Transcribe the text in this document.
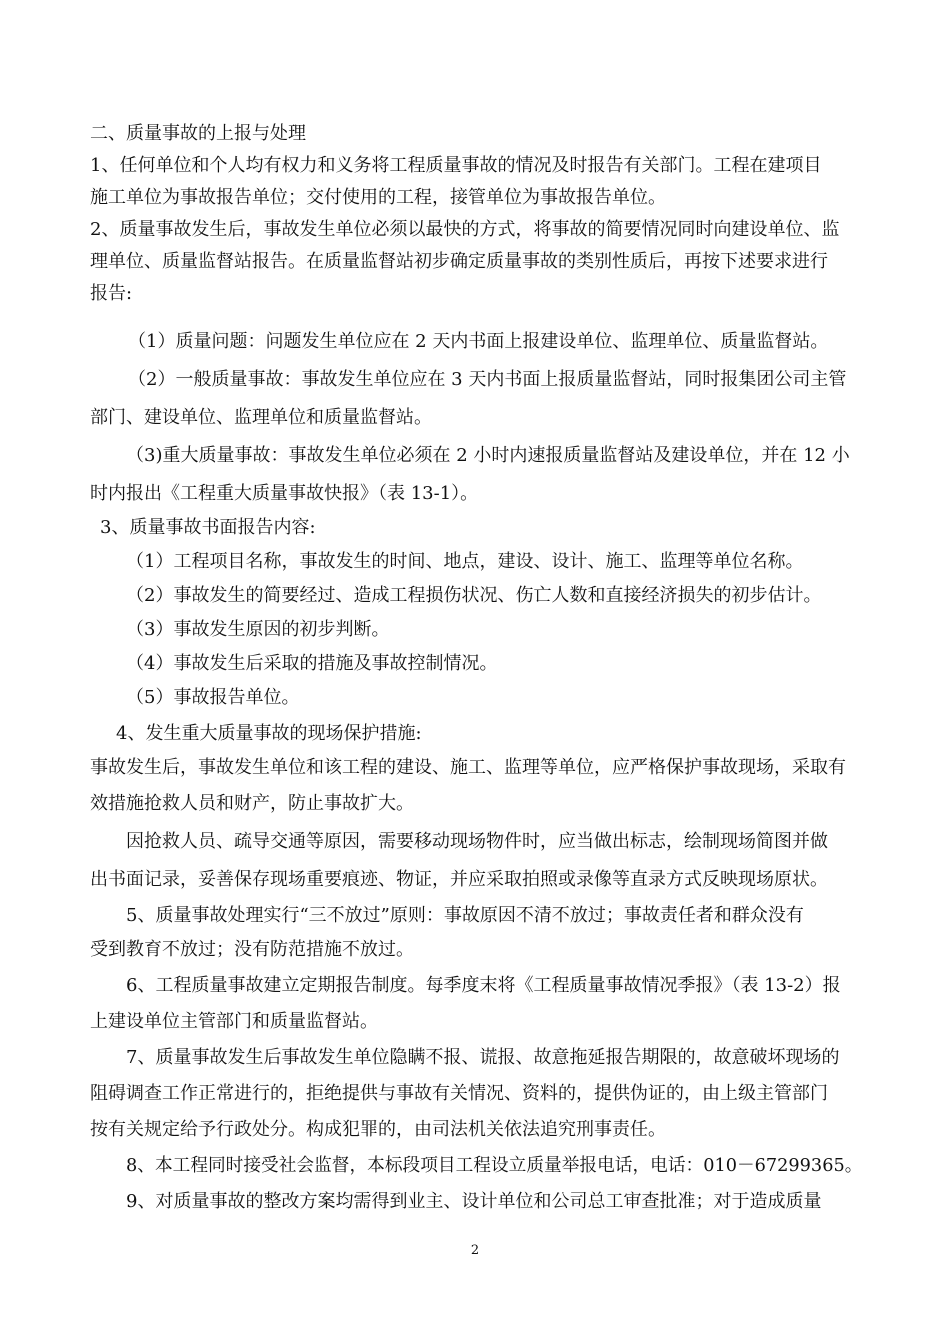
二、质量事故的上报与处理
1、任何单位和个人均有权力和义务将工程质量事故的情况及时报告有关部门。工程在建项目
施工单位为事故报告单位；交付使用的工程，接管单位为事故报告单位。
2、质量事故发生后，事故发生单位必须以最快的方式，将事故的简要情况同时向建设单位、监
理单位、质量监督站报告。在质量监督站初步确定质量事故的类别性质后，再按下述要求进行
报告:
（1）质量问题：问题发生单位应在 2 天内书面上报建设单位、监理单位、质量监督站。
（2）一般质量事故：事故发生单位应在 3 天内书面上报质量监督站，同时报集团公司主管
部门、建设单位、监理单位和质量监督站。
（3)重大质量事故：事故发生单位必须在 2 小时内速报质量监督站及建设单位，并在 12 小
时内报出《工程重大质量事故快报》（表 13-1）。
3、质量事故书面报告内容:
（1）工程项目名称，事故发生的时间、地点，建设、设计、施工、监理等单位名称。
（2）事故发生的简要经过、造成工程损伤状况、伤亡人数和直接经济损失的初步估计。
（3）事故发生原因的初步判断。
（4）事故发生后采取的措施及事故控制情况。
（5）事故报告单位。
4、发生重大质量事故的现场保护措施:
事故发生后，事故发生单位和该工程的建设、施工、监理等单位，应严格保护事故现场，采取有
效措施抢救人员和财产，防止事故扩大。
因抢救人员、疏导交通等原因，需要移动现场物件时，应当做出标志，绘制现场简图并做
出书面记录，妥善保存现场重要痕迹、物证，并应采取拍照或录像等直录方式反映现场原状。
5、质量事故处理实行“三不放过”原则：事故原因不清不放过；事故责任者和群众没有
受到教育不放过；没有防范措施不放过。
6、工程质量事故建立定期报告制度。每季度末将《工程质量事故情况季报》（表 13-2）报
上建设单位主管部门和质量监督站。
7、质量事故发生后事故发生单位隐瞒不报、谎报、故意拖延报告期限的，故意破坏现场的
阻碍调查工作正常进行的，拒绝提供与事故有关情况、资料的，提供伪证的，由上级主管部门
按有关规定给予行政处分。构成犯罪的，由司法机关依法追究刑事责任。
8、本工程同时接受社会监督，本标段项目工程设立质量举报电话，电话：010－67299365。
9、对质量事故的整改方案均需得到业主、设计单位和公司总工审查批准；对于造成质量
2
